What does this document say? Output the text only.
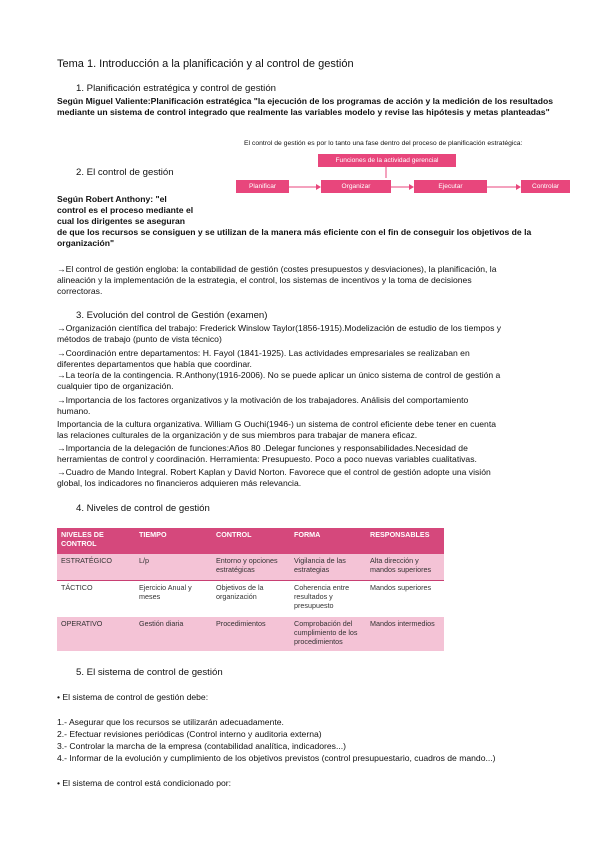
Tema 1. Introducción a la planificación y al control de gestión
1. Planificación estratégica y control de gestión
Según Miguel Valiente:Planificación estratégica "la ejecución de los programas de acción y la medición de los resultados
mediante un sistema de control integrado que realmente las variables modelo y revise las hipótesis y metas planteadas"
El control de gestión es por lo tanto una fase dentro del proceso de planificación estratégica:
Funciones de la actividad gerencial
Planificar	Organizar	Ejecutar	Controlar
2. El control de gestión
Según Robert Anthony: "el
control es el proceso mediante el
cual los dirigentes se aseguran
de que los recursos se consiguen y se utilizan de la manera más eficiente con el fin de conseguir los objetivos de la
organización"
→El control de gestión engloba: la contabilidad de gestión (costes presupuestos y desviaciones), la planificación, la
alineación y la implementación de la estrategia, el control, los sistemas de incentivos y la toma de decisiones
correctoras.
3. Evolución del control de Gestión (examen)
→Organización científica del trabajo: Frederick Winslow Taylor(1856-1915).Modelización de estudio de los tiempos y
métodos de trabajo (punto de vista técnico)
→Coordinación entre departamentos: H. Fayol (1841-1925). Las actividades empresariales se realizaban en
diferentes departamentos que había que coordinar.
→La teoría de la contingencia. R.Anthony(1916-2006). No se puede aplicar un único sistema de control de gestión a
cualquier tipo de organización.
→Importancia de los factores organizativos y la motivación de los trabajadores. Análisis del comportamiento
humano.
Importancia de la cultura organizativa. William G Ouchi(1946-) un sistema de control eficiente debe tener en cuenta
las relaciones culturales de la organización y de sus miembros para trabajar de manera eficaz.
→Importancia de la delegación de funciones:Años 80 .Delegar funciones y responsabilidades.Necesidad de
herramientas de control y coordinación. Herramienta: Presupuesto. Poco a poco nuevas variables cualitativas.
→Cuadro de Mando Integral. Robert Kaplan y David Norton. Favorece que el control de gestión adopte una visión
global, los indicadores no financieros adquieren más relevancia.
4. Niveles de control de gestión
NIVELES DE CONTROL	TIEMPO	CONTROL	FORMA	RESPONSABLES
ESTRATÉGICO	L/p	Entorno y opciones estratégicas	Vigilancia de las estrategias	Alta dirección y mandos superiores
TÁCTICO	Ejercicio Anual y meses	Objetivos de la organización	Coherencia entre resultados y presupuesto	Mandos superiores
OPERATIVO	Gestión diaria	Procedimientos	Comprobación del cumplimiento de los procedimientos	Mandos intermedios
5. El sistema de control de gestión
• El sistema de control de gestión debe:
1.- Asegurar que los recursos se utilizarán adecuadamente.
2.- Efectuar revisiones periódicas (Control interno y auditoria externa)
3.- Controlar la marcha de la empresa (contabilidad analítica, indicadores...)
4.- Informar de la evolución y cumplimiento de los objetivos previstos (control presupuestario, cuadros de mando...)
• El sistema de control está condicionado por:
